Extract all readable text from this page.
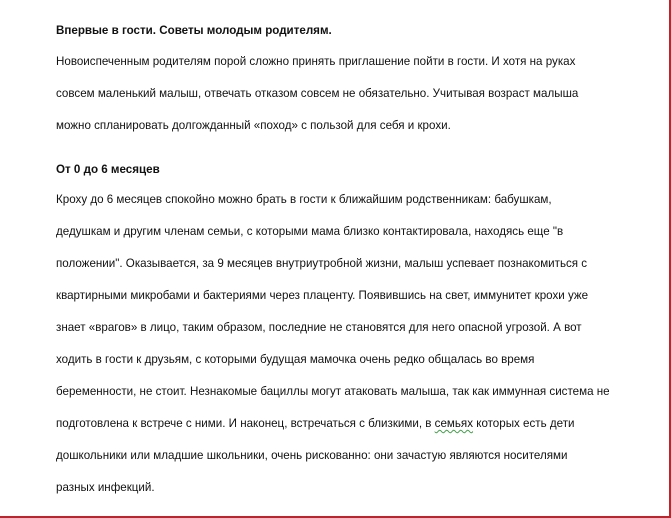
Впервые в гости. Советы молодым родителям.
Новоиспеченным родителям порой сложно принять приглашение пойти в гости. И хотя на руках
совсем маленький малыш, отвечать отказом совсем не обязательно. Учитывая возраст малыша
можно спланировать долгожданный «поход» с пользой для себя и крохи.
От 0 до 6 месяцев
Кроху до 6 месяцев спокойно можно брать в гости к ближайшим родственникам: бабушкам,
дедушкам и другим членам семьи, с которыми мама близко контактировала, находясь еще "в
положении". Оказывается, за 9 месяцев внутриутробной жизни, малыш успевает познакомиться с
квартирными микробами и бактериями через плаценту. Появившись на свет, иммунитет крохи уже
знает «врагов» в лицо, таким образом, последние не становятся для него опасной угрозой. А вот
ходить в гости к друзьям, с которыми будущая мамочка очень редко общалась во время
беременности, не стоит. Незнакомые бациллы могут атаковать малыша, так как иммунная система не
подготовлена к встрече с ними. И наконец, встречаться с близкими, в семьях которых есть дети
дошкольники или младшие школьники, очень рискованно: они зачастую являются носителями
разных инфекций.
